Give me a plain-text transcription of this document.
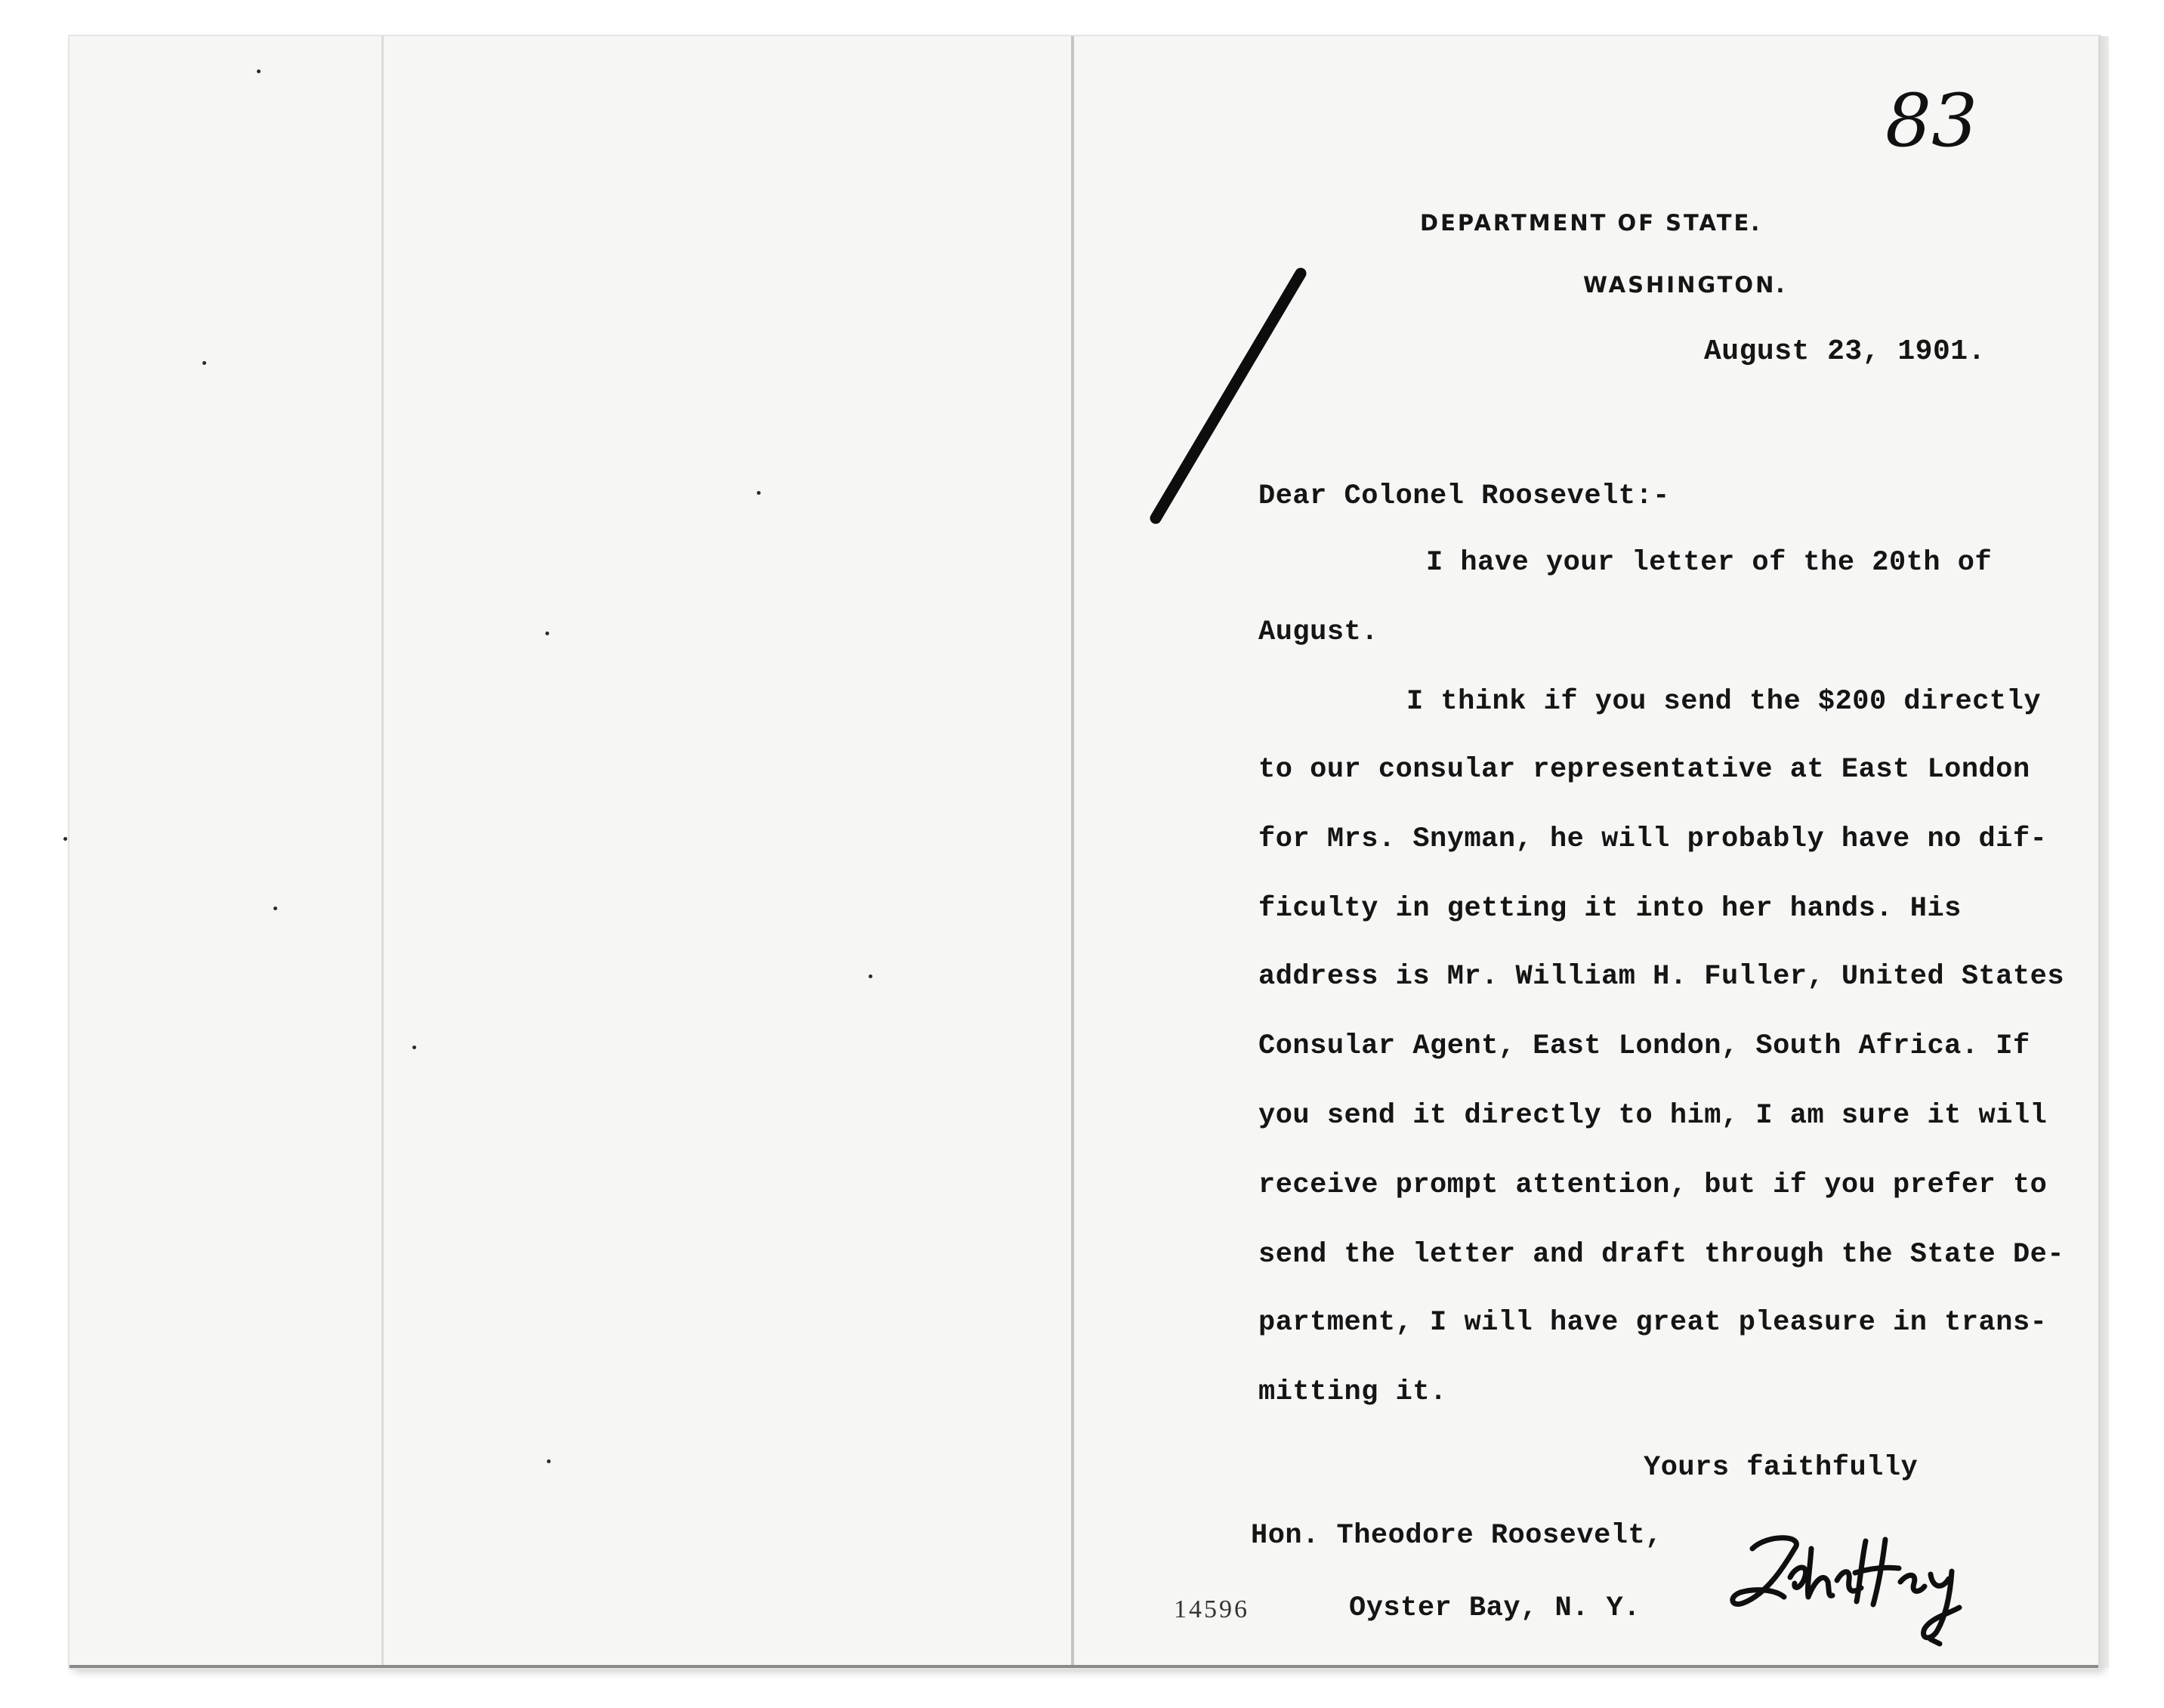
83
DEPARTMENT OF STATE.
WASHINGTON.
August 23, 1901.
Dear Colonel Roosevelt:-
I have your letter of the 20th of
August.
I think if you send the $200 directly
to our consular representative at East London
for Mrs. Snyman, he will probably have no dif-
ficulty in getting it into her hands. His
address is Mr. William H. Fuller, United States
Consular Agent, East London, South Africa. If
you send it directly to him, I am sure it will
receive prompt attention, but if you prefer to
send the letter and draft through the State De-
partment, I will have great pleasure in trans-
mitting it.
Yours faithfully
Hon. Theodore Roosevelt,
Oyster Bay, N. Y.
14596
